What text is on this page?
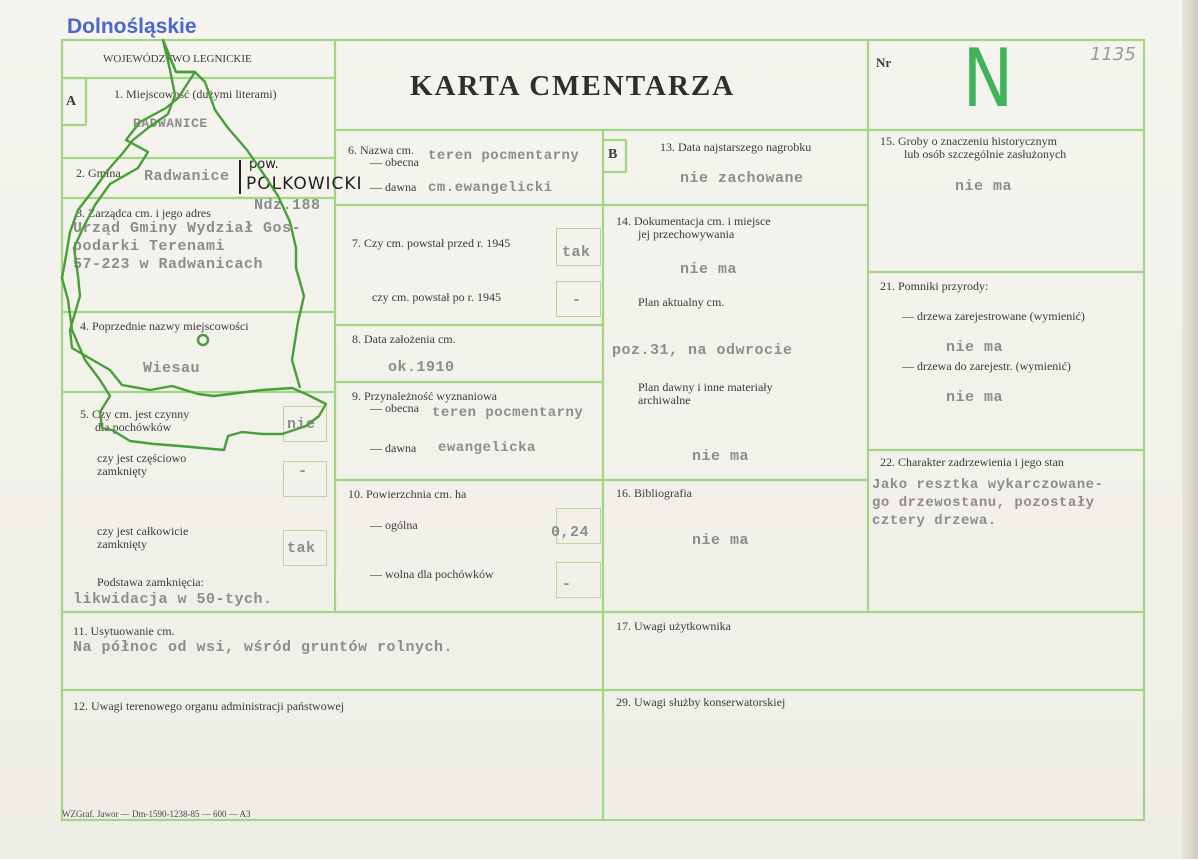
Dolnośląskie
WOJEWÓDZTWO LEGNICKIE
KARTA CMENTARZA
Nr N	1135
A
B
1. Miejscowość (dużymi literami)
RADWANICE
2. Gmina Radwanice
pow.
POLKOWICKI
Ndz.188
3. Zarządca cm. i jego adres
Urząd Gminy Wydział Gos-
podarki Terenami
57-223 w Radwanicach
4. Poprzednie nazwy miejscowości
Wiesau
5. Czy cm. jest czynny
dla pochówków	nie
czy jest częściowo
zamknięty	-
czy jest całkowicie
zamknięty	tak
Podstawa zamknięcia:
likwidacja w 50-tych.
6. Nazwa cm.
— obecna teren pocmentarny
— dawna cm.ewangelicki
7. Czy cm. powstał przed r. 1945
tak
czy cm. powstał po r. 1945	-
8. Data założenia cm.
ok.1910
9. Przynależność wyznaniowa
— obecna teren pocmentarny
— dawna ewangelicka
10. Powierzchnia cm. ha
— ogólna	0,24
— wolna dla pochówków
-
13. Data najstarszego nagrobku
nie zachowane
14. Dokumentacja cm. i miejsce
jej przechowywania
nie ma
Plan aktualny cm.
poz.31, na odwrocie
Plan dawny i inne materiały
archiwalne
nie ma
16. Bibliografia
nie ma
15. Groby o znaczeniu historycznym
lub osób szczególnie zasłużonych
nie ma
21. Pomniki przyrody:
— drzewa zarejestrowane (wymienić)
nie ma
— drzewa do zarejestr. (wymienić)
nie ma
22. Charakter zadrzewienia i jego stan
Jako resztka wykarczowane-
go drzewostanu, pozostały
cztery drzewa.
11. Usytuowanie cm.
Na północ od wsi, wśród gruntów rolnych.
17. Uwagi użytkownika
12. Uwagi terenowego organu administracji państwowej	29. Uwagi służby konserwatorskiej
WZGraf. Jawor — Dm-1590-1238-85 — 600 — A3
